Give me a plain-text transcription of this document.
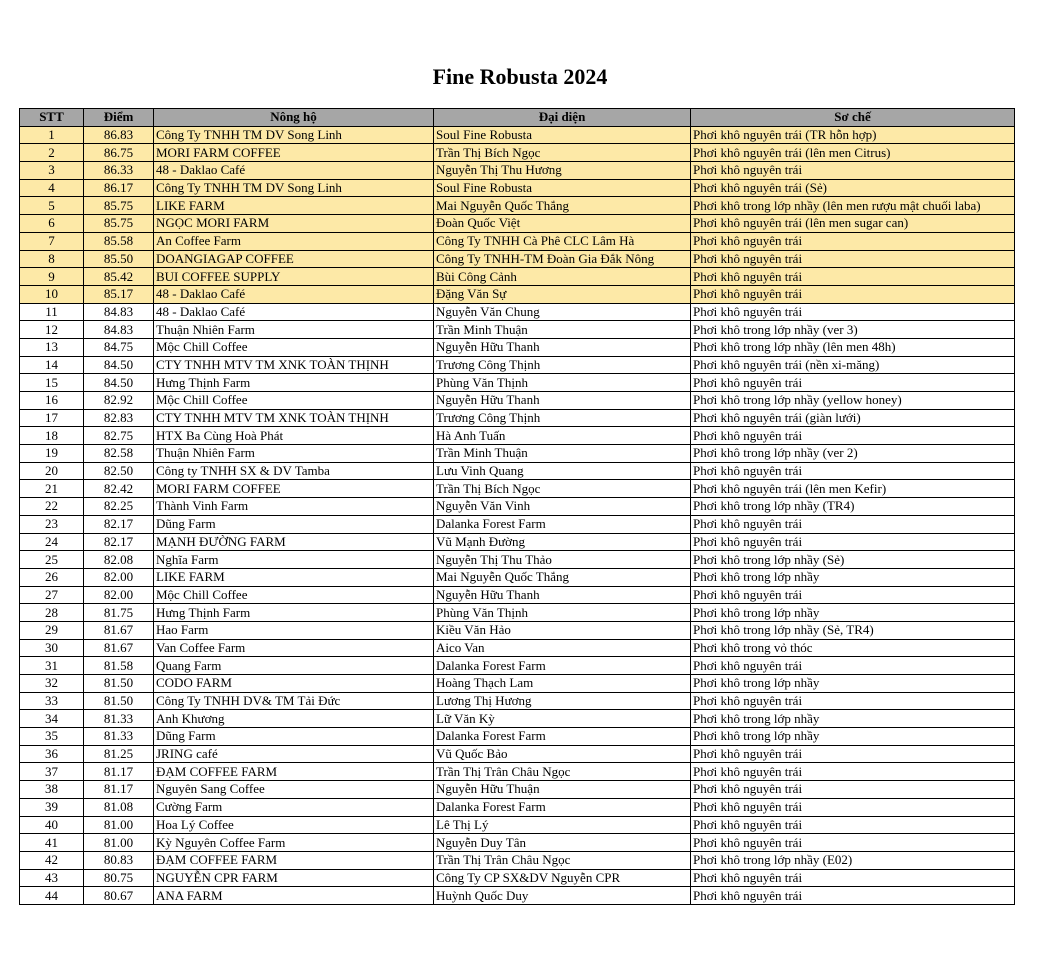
Fine Robusta 2024
STT	Điểm	Nông hộ	Đại diện	Sơ chế
1	86.83	Công Ty TNHH TM DV Song Linh	Soul Fine Robusta	Phơi khô nguyên trái (TR hỗn hợp)
2	86.75	MORI FARM COFFEE	Trần Thị Bích Ngọc	Phơi khô nguyên trái (lên men Citrus)
3	86.33	48 - Daklao Café	Nguyễn Thị Thu Hương	Phơi khô nguyên trái
4	86.17	Công Ty TNHH TM DV Song Linh	Soul Fine Robusta	Phơi khô nguyên trái (Sẻ)
5	85.75	LIKE FARM	Mai Nguyễn Quốc Thắng	Phơi khô trong lớp nhầy (lên men rượu mật chuối laba)
6	85.75	NGỌC MORI FARM	Đoàn Quốc Việt	Phơi khô nguyên trái (lên men sugar can)
7	85.58	An Coffee Farm	Công Ty TNHH Cà Phê CLC Lâm Hà	Phơi khô nguyên trái
8	85.50	DOANGIAGAP COFFEE	Công Ty TNHH-TM Đoàn Gia Đắk Nông	Phơi khô nguyên trái
9	85.42	BUI COFFEE SUPPLY	Bùi Công Cảnh	Phơi khô nguyên trái
10	85.17	48 - Daklao Café	Đặng Văn Sự	Phơi khô nguyên trái
11	84.83	48 - Daklao Café	Nguyễn Văn Chung	Phơi khô nguyên trái
12	84.83	Thuận Nhiên Farm	Trần Minh Thuận	Phơi khô trong lớp nhầy (ver 3)
13	84.75	Mộc Chill Coffee	Nguyễn Hữu Thanh	Phơi khô trong lớp nhầy (lên men 48h)
14	84.50	CTY TNHH MTV TM XNK TOÀN THỊNH	Trương Công Thịnh	Phơi khô nguyên trái (nền xi-măng)
15	84.50	Hưng Thịnh Farm	Phùng Văn Thịnh	Phơi khô nguyên trái
16	82.92	Mộc Chill Coffee	Nguyễn Hữu Thanh	Phơi khô trong lớp nhầy (yellow honey)
17	82.83	CTY TNHH MTV TM XNK TOÀN THỊNH	Trương Công Thịnh	Phơi khô nguyên trái (giàn lưới)
18	82.75	HTX Ba Cùng Hoà Phát	Hà Anh Tuấn	Phơi khô nguyên trái
19	82.58	Thuận Nhiên Farm	Trần Minh Thuận	Phơi khô trong lớp nhầy (ver 2)
20	82.50	Công ty TNHH SX & DV Tamba	Lưu Vinh Quang	Phơi khô nguyên trái
21	82.42	MORI FARM COFFEE	Trần Thị Bích Ngọc	Phơi khô nguyên trái (lên men Kefir)
22	82.25	Thành Vinh Farm	Nguyễn Văn Vinh	Phơi khô trong lớp nhầy (TR4)
23	82.17	Dũng Farm	Dalanka Forest Farm	Phơi khô nguyên trái
24	82.17	MẠNH ĐƯỜNG FARM	Vũ Mạnh Đường	Phơi khô nguyên trái
25	82.08	Nghĩa Farm	Nguyễn Thị Thu Thảo	Phơi khô trong lớp nhầy (Sẻ)
26	82.00	LIKE FARM	Mai Nguyễn Quốc Thắng	Phơi khô trong lớp nhầy
27	82.00	Mộc Chill Coffee	Nguyễn Hữu Thanh	Phơi khô nguyên trái
28	81.75	Hưng Thịnh Farm	Phùng Văn Thịnh	Phơi khô trong lớp nhầy
29	81.67	Hao Farm	Kiều Văn Hảo	Phơi khô trong lớp nhầy (Sẻ, TR4)
30	81.67	Van Coffee Farm	Aico Van	Phơi khô trong vỏ thóc
31	81.58	Quang Farm	Dalanka Forest Farm	Phơi khô nguyên trái
32	81.50	CODO FARM	Hoàng Thạch Lam	Phơi khô trong lớp nhầy
33	81.50	Công Ty TNHH DV& TM Tải Đức	Lương Thị Hương	Phơi khô nguyên trái
34	81.33	Anh Khương	Lữ Văn Kỳ	Phơi khô trong lớp nhầy
35	81.33	Dũng Farm	Dalanka Forest Farm	Phơi khô trong lớp nhầy
36	81.25	JRING café	Vũ Quốc Bảo	Phơi khô nguyên trái
37	81.17	ĐẠM COFFEE FARM	Trần Thị Trân Châu Ngọc	Phơi khô nguyên trái
38	81.17	Nguyên Sang Coffee	Nguyễn Hữu Thuận	Phơi khô nguyên trái
39	81.08	Cường Farm	Dalanka Forest Farm	Phơi khô nguyên trái
40	81.00	Hoa Lý Coffee	Lê Thị Lý	Phơi khô nguyên trái
41	81.00	Kỳ Nguyên Coffee Farm	Nguyễn Duy Tân	Phơi khô nguyên trái
42	80.83	ĐẠM COFFEE FARM	Trần Thị Trân Châu Ngọc	Phơi khô trong lớp nhầy (E02)
43	80.75	NGUYỄN CPR FARM	Công Ty CP SX&DV Nguyễn CPR	Phơi khô nguyên trái
44	80.67	ANA FARM	Huỳnh Quốc Duy	Phơi khô nguyên trái
